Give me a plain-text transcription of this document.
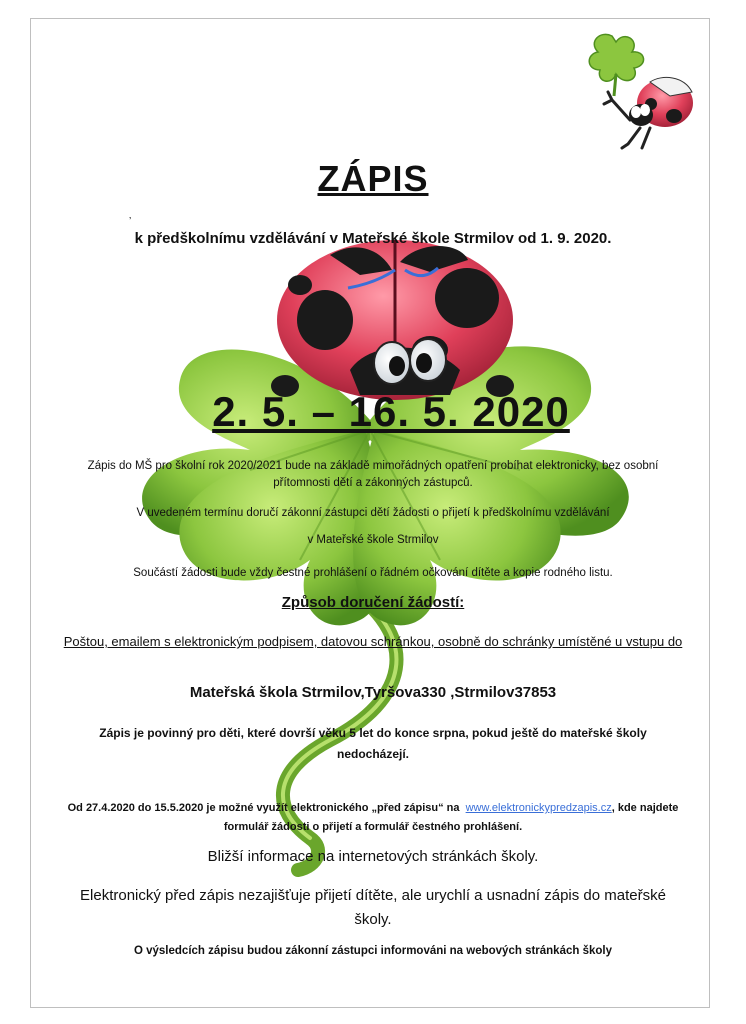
‚
ZÁPIS
k předškolnímu vzdělávání v Mateřské škole Strmilov od 1. 9. 2020.
2. 5. – 16. 5. 2020
Zápis do MŠ pro školní rok 2020/2021 bude na základě mimořádných opatření probíhat elektronicky, bez osobní přítomnosti dětí a zákonných zástupců.
V uvedeném termínu doručí zákonní zástupci dětí žádosti o přijetí k předškolnímu vzdělávání
v Mateřské škole Strmilov
Součástí žádosti bude vždy čestné prohlášení o řádném očkování dítěte a kopie rodného listu.
Způsob doručení žádostí:
Poštou, emailem s elektronickým podpisem, datovou schránkou, osobně do schránky umístěné u vstupu do
Mateřská škola Strmilov,Tyršova330 ,Strmilov37853
Zápis je povinný pro děti, které dovrší věku 5 let do konce srpna, pokud ještě do mateřské školy nedocházejí.
Od 27.4.2020 do 15.5.2020 je možné využít elektronického „před zápisu“ na www.elektronickypredzapis.cz, kde najdete formulář žádosti o přijetí a formulář čestného prohlášení.
Bližší informace na internetových stránkách školy.
Elektronický před zápis nezajišťuje přijetí dítěte, ale urychlí a usnadní zápis do mateřské školy.
O výsledcích zápisu budou zákonní zástupci informováni na webových stránkách školy
